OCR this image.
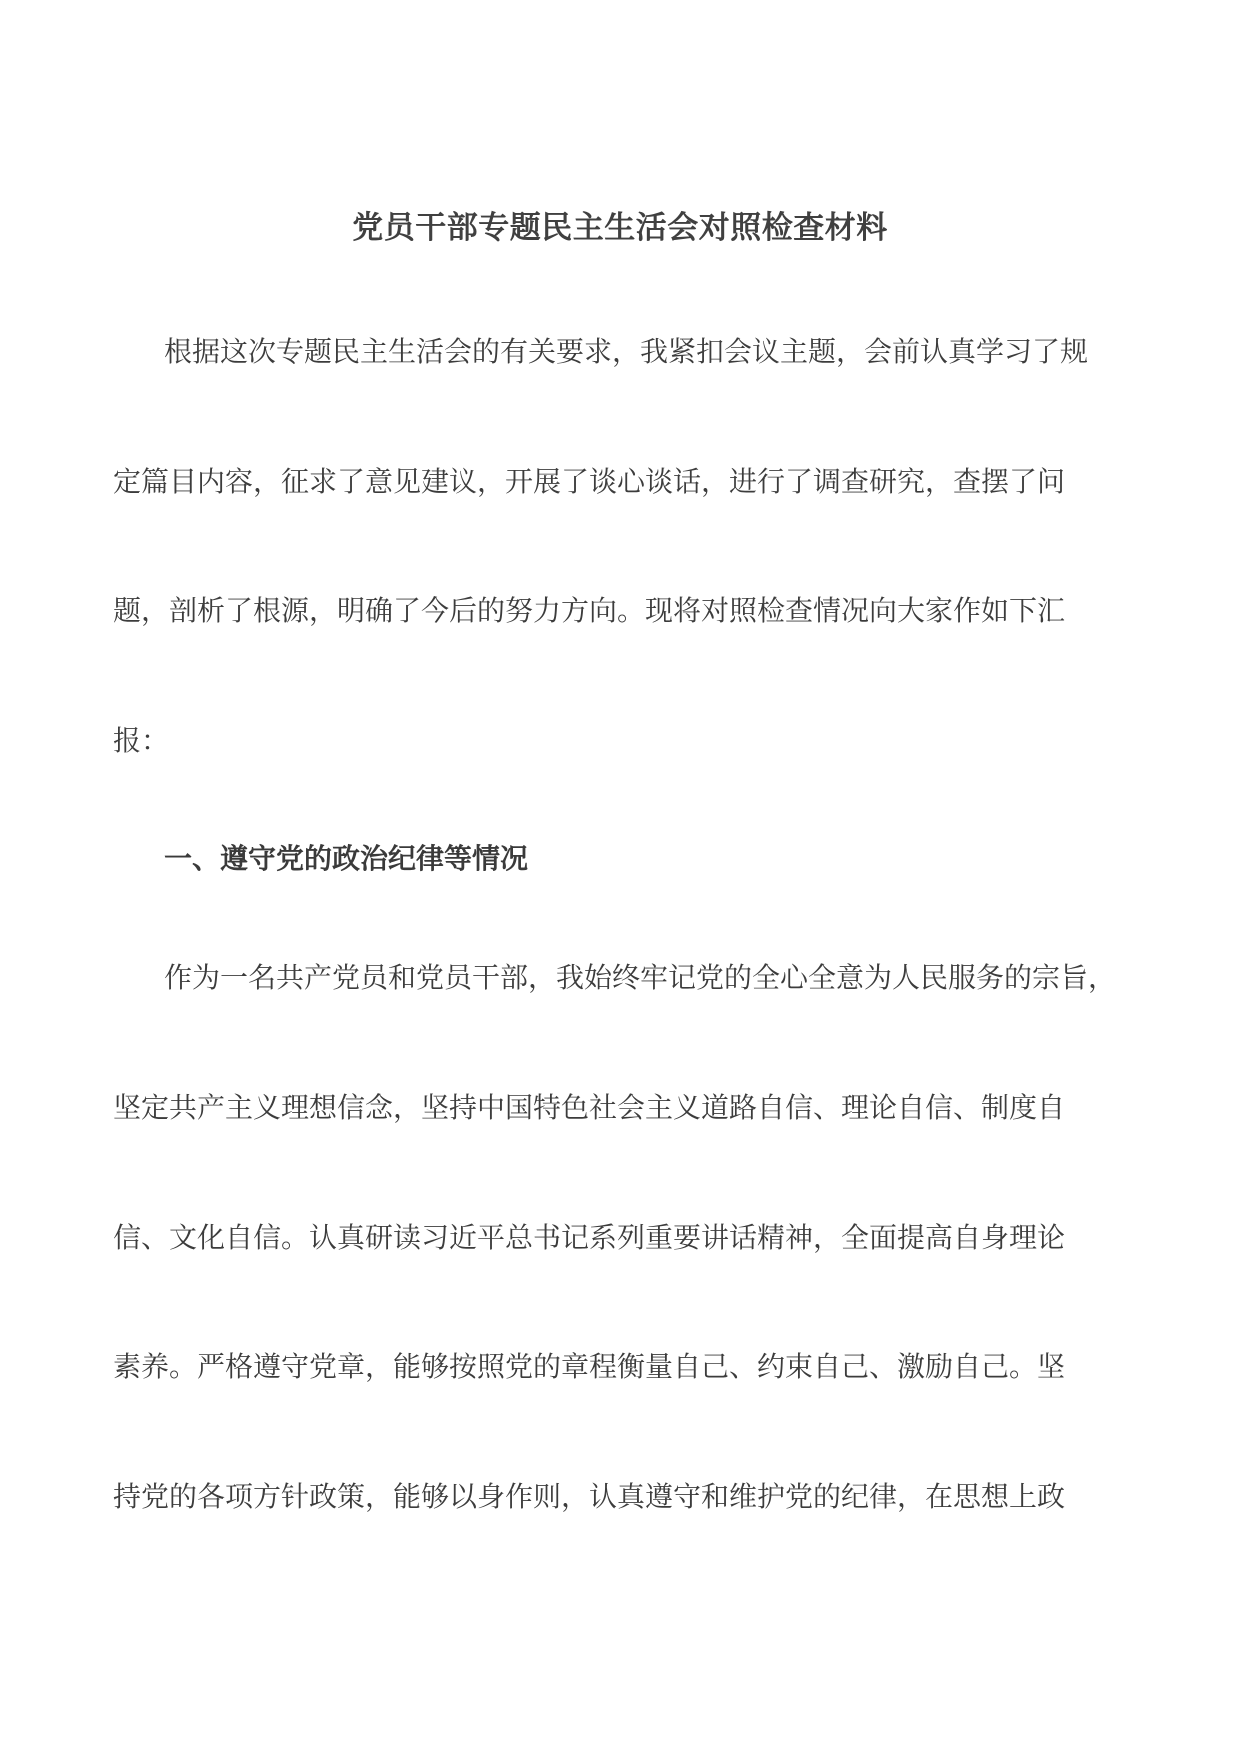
党员干部专题民主生活会对照检查材料
根据这次专题民主生活会的有关要求，我紧扣会议主题，会前认真学习了规
定篇目内容，征求了意见建议，开展了谈心谈话，进行了调查研究，查摆了问
题，剖析了根源，明确了今后的努力方向。现将对照检查情况向大家作如下汇
报：
一、遵守党的政治纪律等情况
作为一名共产党员和党员干部，我始终牢记党的全心全意为人民服务的宗旨，
坚定共产主义理想信念，坚持中国特色社会主义道路自信、理论自信、制度自
信、文化自信。认真研读习近平总书记系列重要讲话精神，全面提高自身理论
素养。严格遵守党章，能够按照党的章程衡量自己、约束自己、激励自己。坚
持党的各项方针政策，能够以身作则，认真遵守和维护党的纪律，在思想上政
